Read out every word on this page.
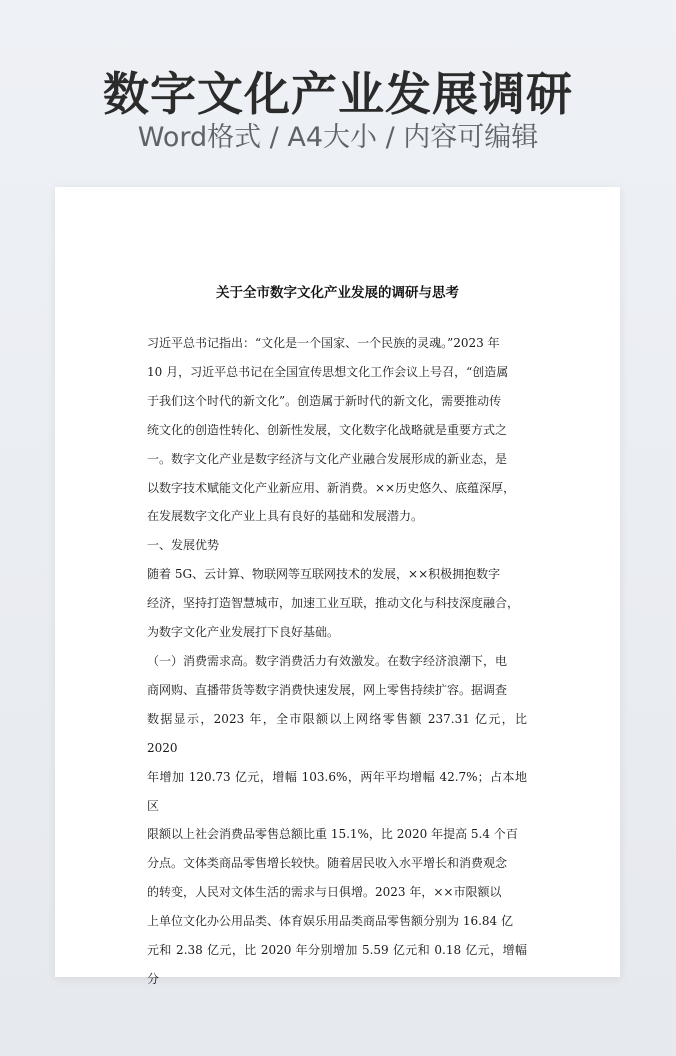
数字文化产业发展调研
Word格式 / A4大小 / 内容可编辑
关于全市数字文化产业发展的调研与思考

习近平总书记指出：“文化是一个国家、一个民族的灵魂。”2023 年
10 月，习近平总书记在全国宣传思想文化工作会议上号召，“创造属
于我们这个时代的新文化”。创造属于新时代的新文化，需要推动传
统文化的创造性转化、创新性发展，文化数字化战略就是重要方式之
一。数字文化产业是数字经济与文化产业融合发展形成的新业态，是
以数字技术赋能文化产业新应用、新消费。××历史悠久、底蕴深厚，
在发展数字文化产业上具有良好的基础和发展潜力。

一、发展优势

随着 5G、云计算、物联网等互联网技术的发展，××积极拥抱数字
经济，坚持打造智慧城市，加速工业互联，推动文化与科技深度融合，
为数字文化产业发展打下良好基础。

（一）消费需求高。数字消费活力有效激发。在数字经济浪潮下，电
商网购、直播带货等数字消费快速发展，网上零售持续扩容。据调查
数据显示，2023 年，全市限额以上网络零售额 237.31 亿元，比 2020
年增加 120.73 亿元，增幅 103.6%，两年平均增幅 42.7%；占本地区
限额以上社会消费品零售总额比重 15.1%，比 2020 年提高 5.4 个百
分点。文体类商品零售增长较快。随着居民收入水平增长和消费观念
的转变，人民对文体生活的需求与日俱增。2023 年，××市限额以
上单位文化办公用品类、体育娱乐用品类商品零售额分别为 16.84 亿
元和 2.38 亿元，比 2020 年分别增加 5.59 亿元和 0.18 亿元，增幅分
